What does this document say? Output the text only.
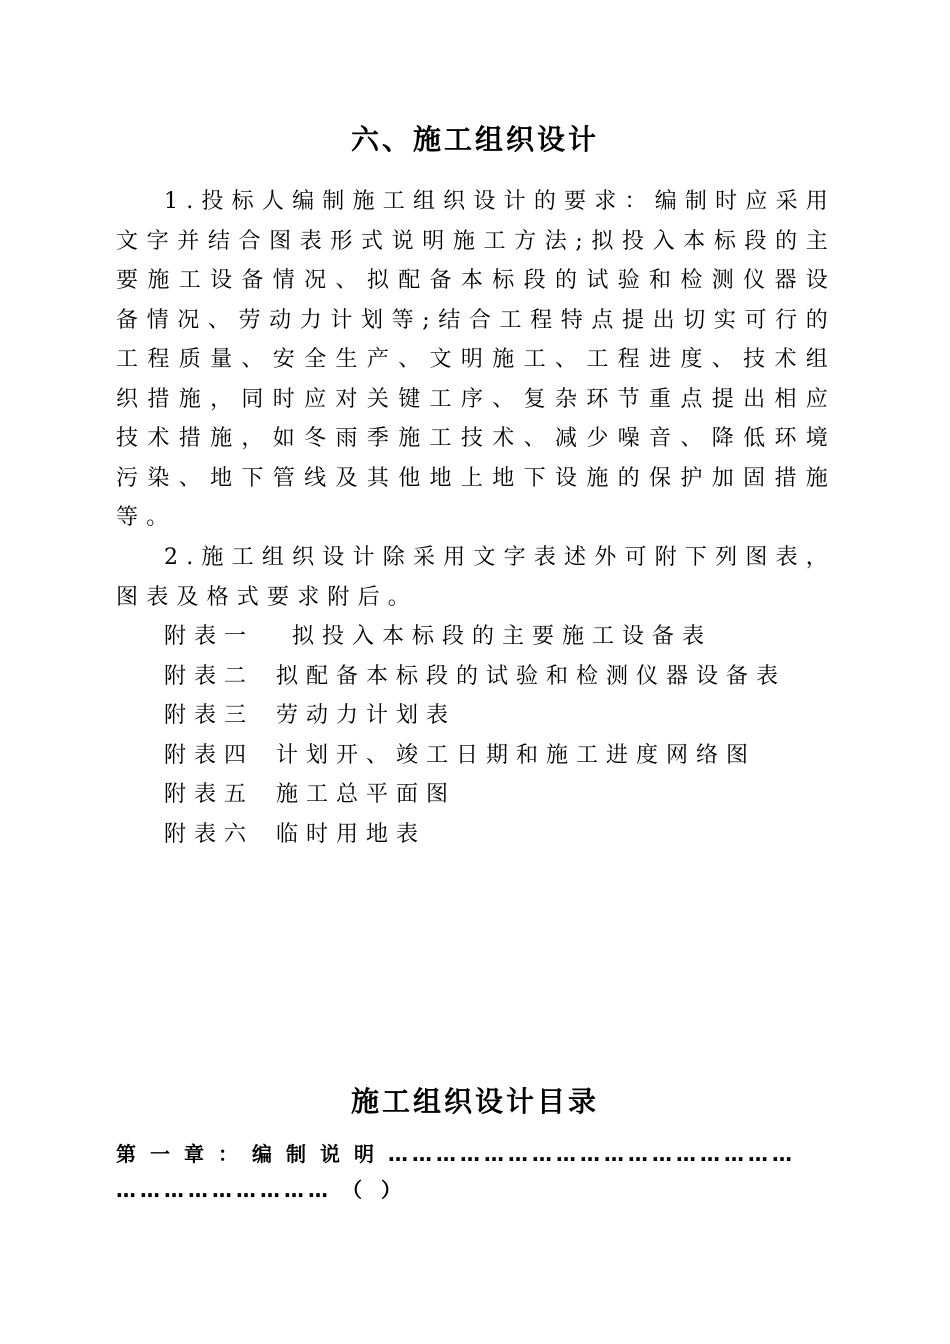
六、施工组织设计
1.投标人编制施工组织设计的要求：编制时应采用文字并结合图表形式说明施工方法;拟投入本标段的主要施工设备情况、拟配备本标段的试验和检测仪器设备情况、劳动力计划等;结合工程特点提出切实可行的工程质量、安全生产、文明施工、工程进度、技术组织措施，同时应对关键工序、复杂环节重点提出相应技术措施，如冬雨季施工技术、减少噪音、降低环境污染、地下管线及其他地上地下设施的保护加固措施等。
2.施工组织设计除采用文字表述外可附下列图表，图表及格式要求附后。
附表一 拟投入本标段的主要施工设备表
附表二 拟配备本标段的试验和检测仪器设备表
附表三 劳动力计划表
附表四 计划开、竣工日期和施工进度网络图
附表五 施工总平面图
附表六 临时用地表
施工组织设计目录
第一章：编制说明……………………………………………
……………………… （ ）
